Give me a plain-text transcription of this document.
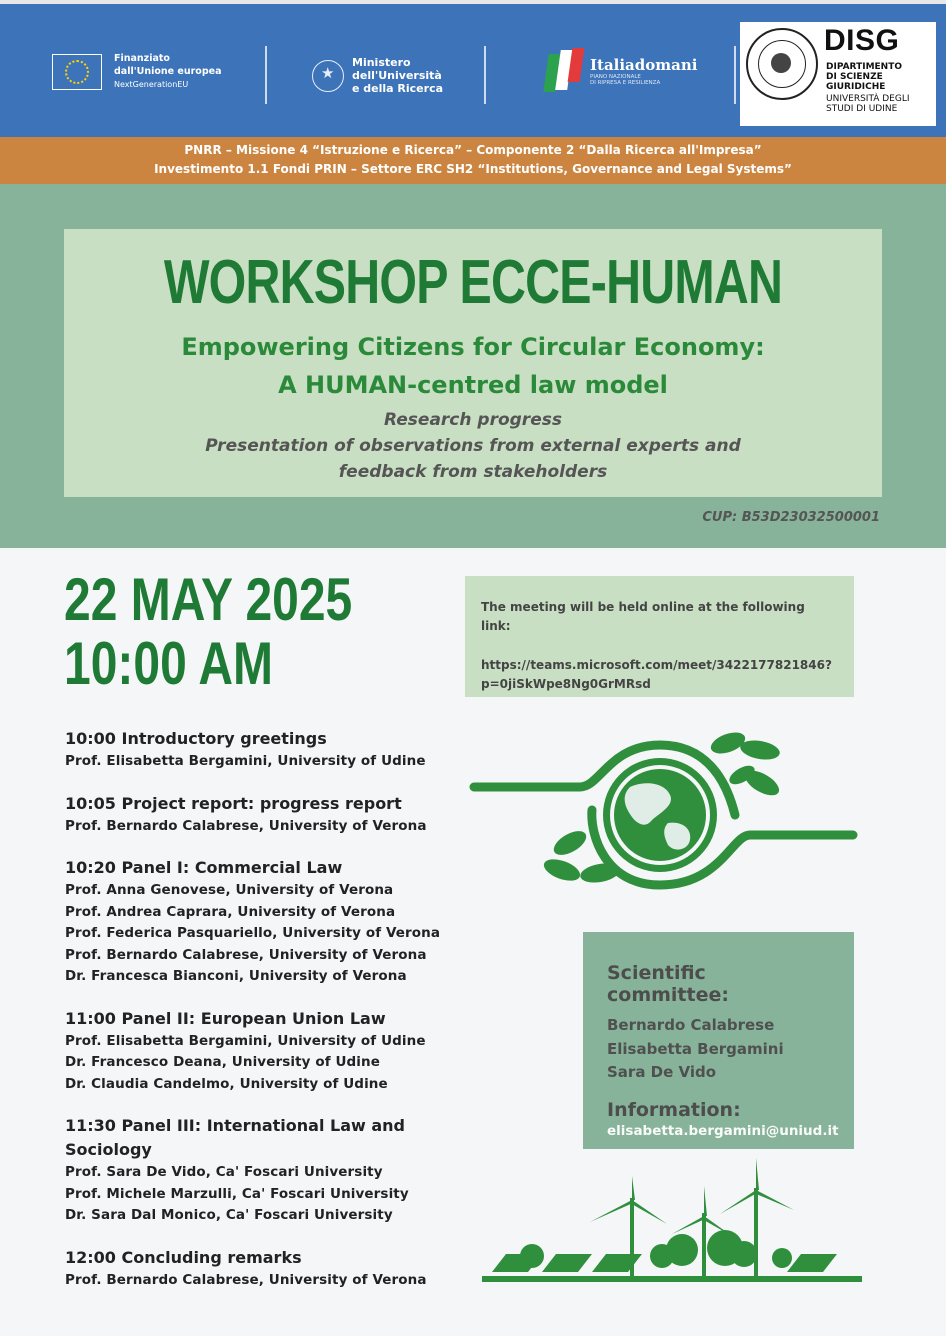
Finanziato
dall'Unione europea
NextGenerationEU
★
Ministero
dell'Università
e della Ricerca
Italiadomani
PIANO NAZIONALE
DI RIPRESA E RESILIENZA
DISG
DIPARTIMENTO
DI SCIENZE
GIURIDICHE
UNIVERSITÀ DEGLI
STUDI DI UDINE
PNRR – Missione 4 “Istruzione e Ricerca” – Componente 2 “Dalla Ricerca all'Impresa”
Investimento 1.1 Fondi PRIN – Settore ERC SH2 “Institutions, Governance and Legal Systems”
WORKSHOP ECCE-HUMAN
Empowering Citizens for Circular Economy:
A HUMAN-centred law model
Research progress
Presentation of observations from external experts and
feedback from stakeholders
CUP: B53D23032500001
22 MAY 2025
10:00 AM
The meeting will be held online at the following link:
https://teams.microsoft.com/meet/3422177821846?
p=0jiSkWpe8Ng0GrMRsd
10:00 Introductory greetings
Prof. Elisabetta Bergamini, University of Udine
10:05 Project report: progress report
Prof. Bernardo Calabrese, University of Verona
10:20 Panel I: Commercial Law
Prof. Anna Genovese, University of Verona
Prof. Andrea Caprara, University of Verona
Prof. Federica Pasquariello, University of Verona
Prof. Bernardo Calabrese, University of Verona
Dr. Francesca Bianconi, University of Verona
11:00 Panel II: European Union Law
Prof. Elisabetta Bergamini, University of Udine
Dr. Francesco Deana, University of Udine
Dr. Claudia Candelmo, University of Udine
11:30 Panel III: International Law and Sociology
Prof. Sara De Vido, Ca' Foscari University
Prof. Michele Marzulli, Ca' Foscari University
Dr. Sara Dal Monico, Ca' Foscari University
12:00 Concluding remarks
Prof. Bernardo Calabrese, University of Verona
Scientific committee:
Bernardo Calabrese
Elisabetta Bergamini
Sara De Vido
Information:
elisabetta.bergamini@uniud.it
